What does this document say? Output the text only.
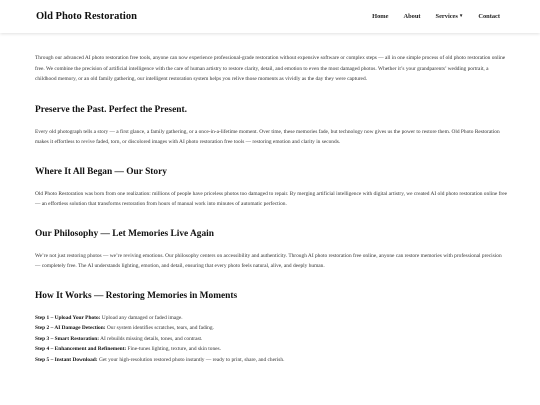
Old Photo Restoration	Home About Services▼ Contact

Through our advanced AI photo restoration free tools, anyone can now experience professional-grade restoration without expensive software or complex steps — all in one simple process of old photo restoration online free. We combine the precision of artificial intelligence with the care of human artistry to restore clarity, detail, and emotion to even the most damaged photos. Whether it’s your grandparents’ wedding portrait, a childhood memory, or an old family gathering, our intelligent restoration system helps you relive those moments as vividly as the day they were captured.

Preserve the Past. Perfect the Present.

Every old photograph tells a story — a first glance, a family gathering, or a once-in-a-lifetime moment. Over time, these memories fade, but technology now gives us the power to restore them. Old Photo Restoration makes it effortless to revive faded, torn, or discolored images with AI photo restoration free tools — restoring emotion and clarity in seconds.

Where It All Began — Our Story

Old Photo Restoration was born from one realization: millions of people have priceless photos too damaged to repair. By merging artificial intelligence with digital artistry, we created AI old photo restoration online free — an effortless solution that transforms restoration from hours of manual work into minutes of automatic perfection.

Our Philosophy — Let Memories Live Again

We’re not just restoring photos — we’re reviving emotions. Our philosophy centers on accessibility and authenticity. Through AI photo restoration free online, anyone can restore memories with professional precision — completely free. The AI understands lighting, emotion, and detail, ensuring that every photo feels natural, alive, and deeply human.

How It Works — Restoring Memories in Moments
Step 1 – Upload Your Photo: Upload any damaged or faded image.
Step 2 – AI Damage Detection: Our system identifies scratches, tears, and fading.
Step 3 – Smart Restoration: AI rebuilds missing details, tones, and contrast.
Step 4 – Enhancement and Refinement: Fine-tunes lighting, texture, and skin tones.
Step 5 – Instant Download: Get your high-resolution restored photo instantly — ready to print, share, and cherish.
